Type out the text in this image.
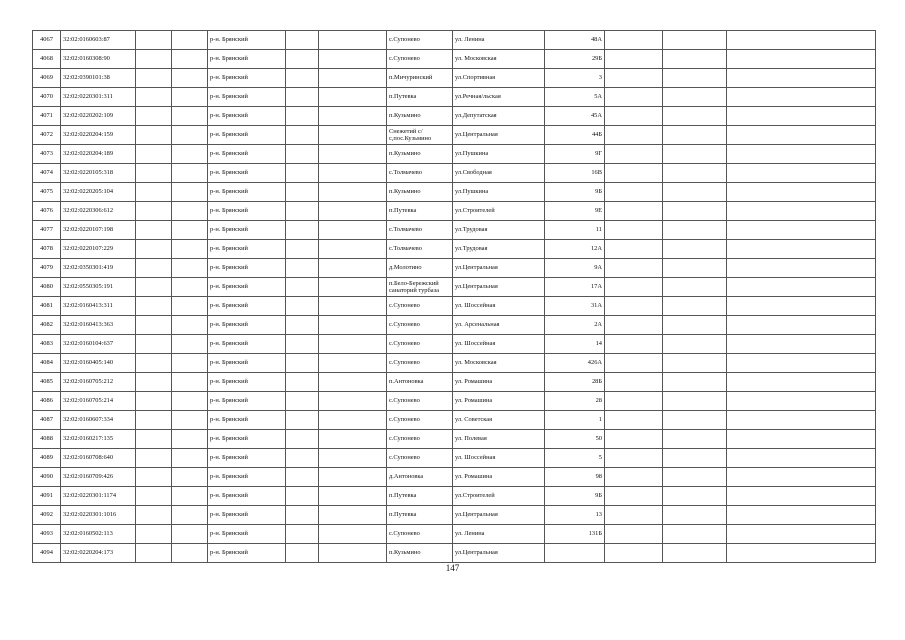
4067	32:02:0160603:87			р-н. Брянский			с.Супонево	ул. Ленина	48А			
4068	32:02:0160308:90			р-н. Брянский			с.Супонево	ул. Московская	29Б			
4069	32:02:0390101:38			р-н. Брянский			п.Мичуринский	ул.Спортивная	3			
4070	32:02:0220301:311			р-н. Брянский			п.Путевка	ул.Речная/льская	5А			
4071	32:02:0220202:109			р-н. Брянский			п.Кузьмино	ул.Депутатская	45А			
4072	32:02:0220204:159			р-н. Брянский			Снежетий с/с,пос.Кузьмино	ул.Центральная	44Б			
4073	32:02:0220204:189			р-н. Брянский			п.Кузьмино	ул.Пушкина	9Г			
4074	32:02:0220105:318			р-н. Брянский			с.Толмачево	ул.Свободная	16В			
4075	32:02:0220205:104			р-н. Брянский			п.Кузьмино	ул.Пушкина	9Б			
4076	32:02:0220306:612			р-н. Брянский			п.Путевка	ул.Строителей	9Е			
4077	32:02:0220107:198			р-н. Брянский			с.Толмачево	ул.Трудовая	11			
4078	32:02:0220107:229			р-н. Брянский			с.Толмачево	ул.Трудовая	12А			
4079	32:02:0350301:419			р-н. Брянский			д.Молотино	ул.Центральная	9А			
4080	32:02:0550305:191			р-н. Брянский			п.Бело-Бережский санаторий турбаза	ул.Центральная	17А			
4081	32:02:0160413:311			р-н. Брянский			с.Супонево	ул. Шоссейная	31А			
4082	32:02:0160413:363			р-н. Брянский			с.Супонево	ул. Арсенальная	2А			
4083	32:02:0160104:637			р-н. Брянский			с.Супонево	ул. Шоссейная	14			
4084	32:02:0160405:140			р-н. Брянский			с.Супонево	ул. Московская	426А			
4085	32:02:0160705:212			р-н. Брянский			п.Антоновка	ул. Ромашина	28Б			
4086	32:02:0160705:214			р-н. Брянский			с.Супонево	ул. Ромашина	28			
4087	32:02:0160607:334			р-н. Брянский			с.Супонево	ул. Советская	1			
4088	32:02:0160217:135			р-н. Брянский			с.Супонево	ул. Полевая	50			
4089	32:02:0160708:640			р-н. Брянский			с.Супонево	ул. Шоссейная	5			
4090	32:02:0160709:426			р-н. Брянский			д.Антоновка	ул. Ромашина	98			
4091	32:02:0220301:1174			р-н. Брянский			п.Путевка	ул.Строителей	9Б			
4092	32:02:0220301:1016			р-н. Брянский			п.Путевка	ул.Центральная	13			
4093	32:02:0160502:113			р-н. Брянский			с.Супонево	ул. Ленина	131Б			
4094	32:02:0220204:173			р-н. Брянский			п.Кузьмино	ул.Центральная				
147
